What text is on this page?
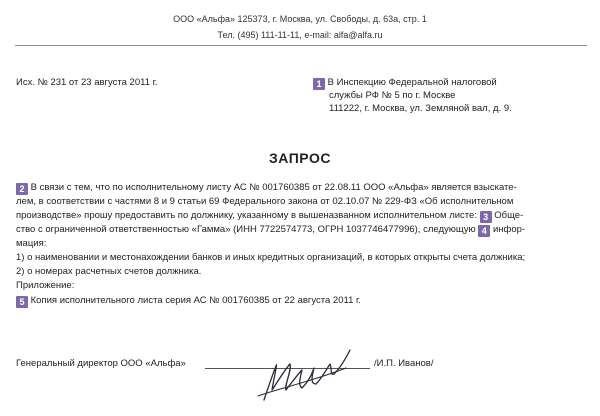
ООО «Альфа» 125373, г. Москва, ул. Свободы, д. 63а, стр. 1
Тел. (495) 111-11-11, e-mail: alfa@alfa.ru
Исх. № 231 от 23 августа 2011 г.	1 В Инспекцию Федеральной налоговой
службы РФ № 5 по г. Москве
111222, г. Москва, ул. Земляной вал, д. 9.
ЗАПРОС
2 В связи с тем, что по исполнительному листу АС № 001760385 от 22.08.11 ООО «Альфа» является взыскате-
лем, в соответствии с частями 8 и 9 статьи 69 Федерального закона от 02.10.07 № 229-ФЗ «Об исполнительном
производстве» прошу предоставить по должнику, указанному в вышеназванном исполнительном листе: 3 Обще-
ство с ограниченной ответственностью «Гамма» (ИНН 7722574773, ОГРН 1037746477996), следующую 4 инфор-
мация:
1) о наименовании и местонахождении банков и иных кредитных организаций, в которых открыты счета должника;
2) о номерах расчетных счетов должника.
Приложение:
5 Копия исполнительного листа серия АС № 001760385 от 22 августа 2011 г.
Генеральный директор ООО «Альфа»	/И.П. Иванов/
